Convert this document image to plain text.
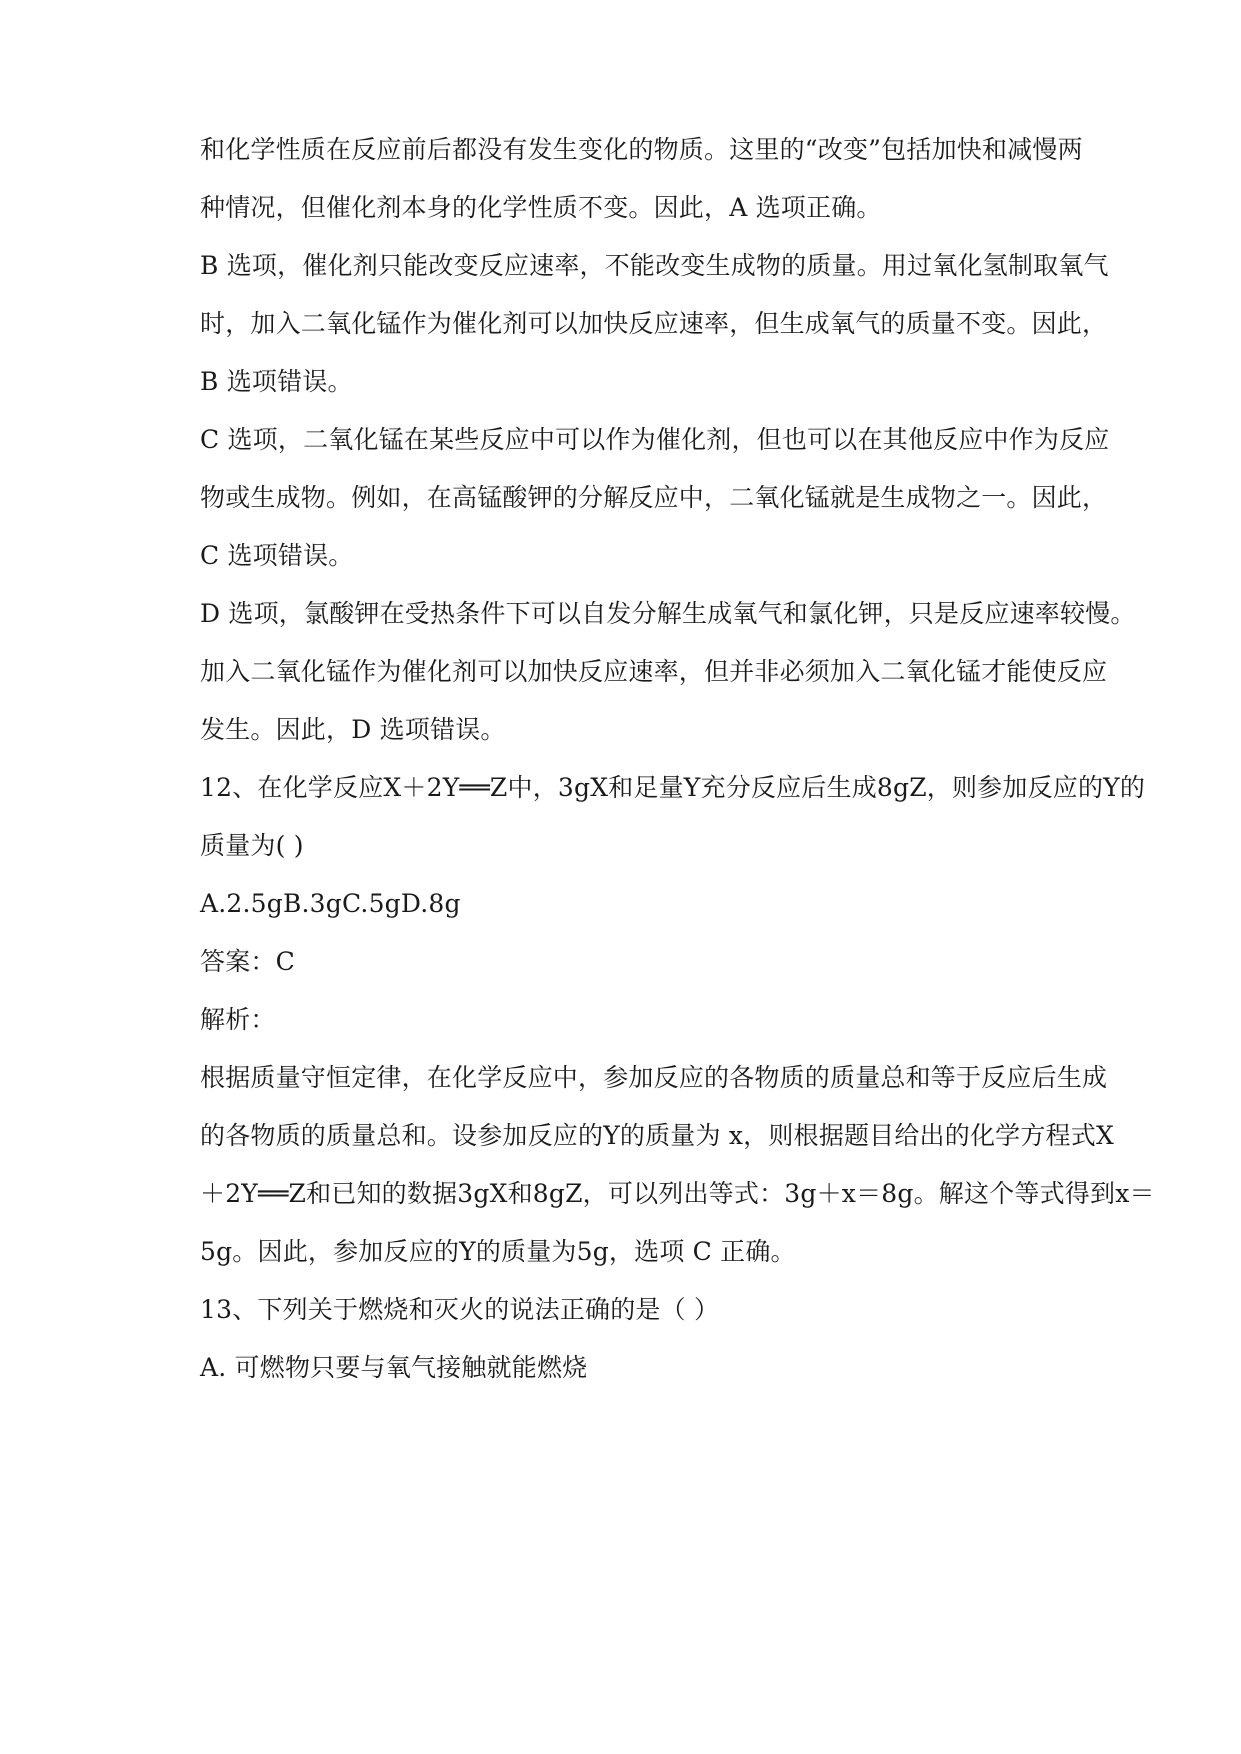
和化学性质在反应前后都没有发生变化的物质。这里的“改变”包括加快和减慢两
种情况，但催化剂本身的化学性质不变。因此，A 选项正确。
B 选项，催化剂只能改变反应速率，不能改变生成物的质量。用过氧化氢制取氧气
时，加入二氧化锰作为催化剂可以加快反应速率，但生成氧气的质量不变。因此，
B 选项错误。
C 选项，二氧化锰在某些反应中可以作为催化剂，但也可以在其他反应中作为反应
物或生成物。例如，在高锰酸钾的分解反应中，二氧化锰就是生成物之一。因此，
C 选项错误。
D 选项，氯酸钾在受热条件下可以自发分解生成氧气和氯化钾，只是反应速率较慢。
加入二氧化锰作为催化剂可以加快反应速率，但并非必须加入二氧化锰才能使反应
发生。因此，D 选项错误。
12、在化学反应X＋2Y══Z中，3gX和足量Y充分反应后生成8gZ，则参加反应的Y的
质量为( )
A.2.5gB.3gC.5gD.8g
答案：C
解析：
根据质量守恒定律，在化学反应中，参加反应的各物质的质量总和等于反应后生成
的各物质的质量总和。设参加反应的Y的质量为 x，则根据题目给出的化学方程式X
＋2Y══Z和已知的数据3gX和8gZ，可以列出等式：3g＋x＝8g。解这个等式得到x＝
5g。因此，参加反应的Y的质量为5g，选项 C 正确。
13、下列关于燃烧和灭火的说法正确的是（ ）
A. 可燃物只要与氧气接触就能燃烧
